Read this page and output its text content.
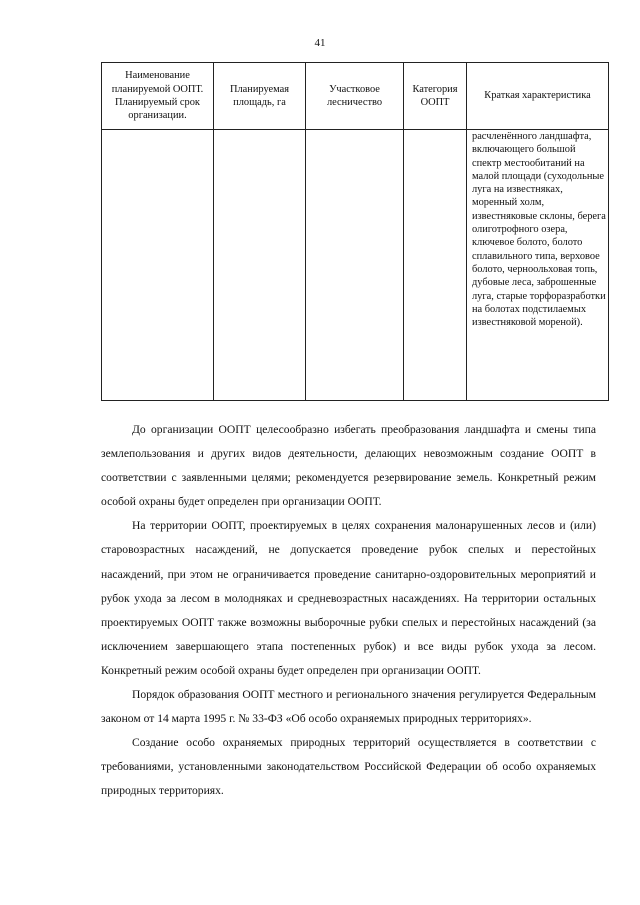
41
Наименование планируемой ООПТ. Планируемый срок организации.	Планируемая площадь, га	Участковое лесничество	Категория ООПТ	Краткая характеристика
				расчленённого ландшафта, включающего большой спектр местообитаний на малой площади (суходольные луга на известняках, моренный холм, известняковые склоны, берега олиготрофного озера, ключевое болото, болото сплавильного типа, верховое болото, черноольховая топь, дубовые леса, заброшенные луга, старые торфоразработки на болотах подстилаемых известняковой мореной).

До организации ООПТ целесообразно избегать преобразования ландшафта и смены типа землепользования и других видов деятельности, делающих невозможным создание ООПТ в соответствии с заявленными целями; рекомендуется резервирование земель. Конкретный режим особой охраны будет определен при организации ООПТ.

На территории ООПТ, проектируемых в целях сохранения малонарушенных лесов и (или) старовозрастных насаждений, не допускается проведение рубок спелых и перестойных насаждений, при этом не ограничивается проведение санитарно-оздоровительных мероприятий и рубок ухода за лесом в молодняках и средневозрастных насаждениях. На территории остальных проектируемых ООПТ также возможны выборочные рубки спелых и перестойных насаждений (за исключением завершающего этапа постепенных рубок) и все виды рубок ухода за лесом. Конкретный режим особой охраны будет определен при организации ООПТ.

Порядок образования ООПТ местного и регионального значения регулируется Федеральным законом от 14 марта 1995 г. № 33-ФЗ «Об особо охраняемых природных территориях».

Создание особо охраняемых природных территорий осуществляется в соответствии с требованиями, установленными законодательством Российской Федерации об особо охраняемых природных территориях.
